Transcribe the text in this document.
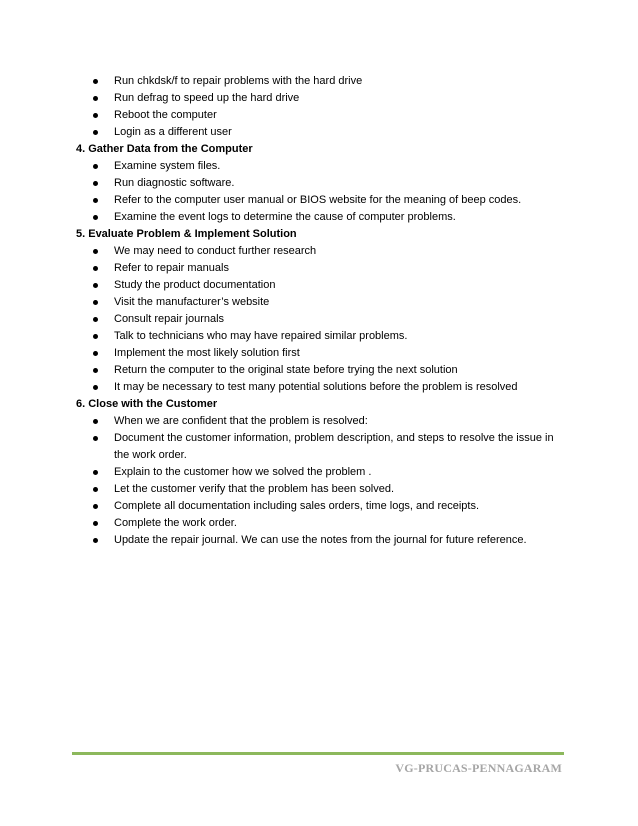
Run chkdsk/f to repair problems with the hard drive
Run defrag to speed up the hard drive
Reboot the computer
Login as a different user

4. Gather Data from the Computer

Examine system files.
Run diagnostic software.
Refer to the computer user manual or BIOS website for the meaning of beep codes.
Examine the event logs to determine the cause of computer problems.

5. Evaluate Problem & Implement Solution

We may need to conduct further research
Refer to repair manuals
Study the product documentation
Visit the manufacturer’s website
Consult repair journals
Talk to technicians who may have repaired similar problems.
Implement the most likely solution first
Return the computer to the original state before trying the next solution
It may be necessary to test many potential solutions before the problem is resolved

6. Close with the Customer

When we are confident that the problem is resolved:
Document the customer information, problem description, and steps to resolve the issue in the work order.
Explain to the customer how we solved the problem .
Let the customer verify that the problem has been solved.
Complete all documentation including sales orders, time logs, and receipts.
Complete the work order.
Update the repair journal. We can use the notes from the journal for future reference.
VG-PRUCAS-PENNAGARAM
